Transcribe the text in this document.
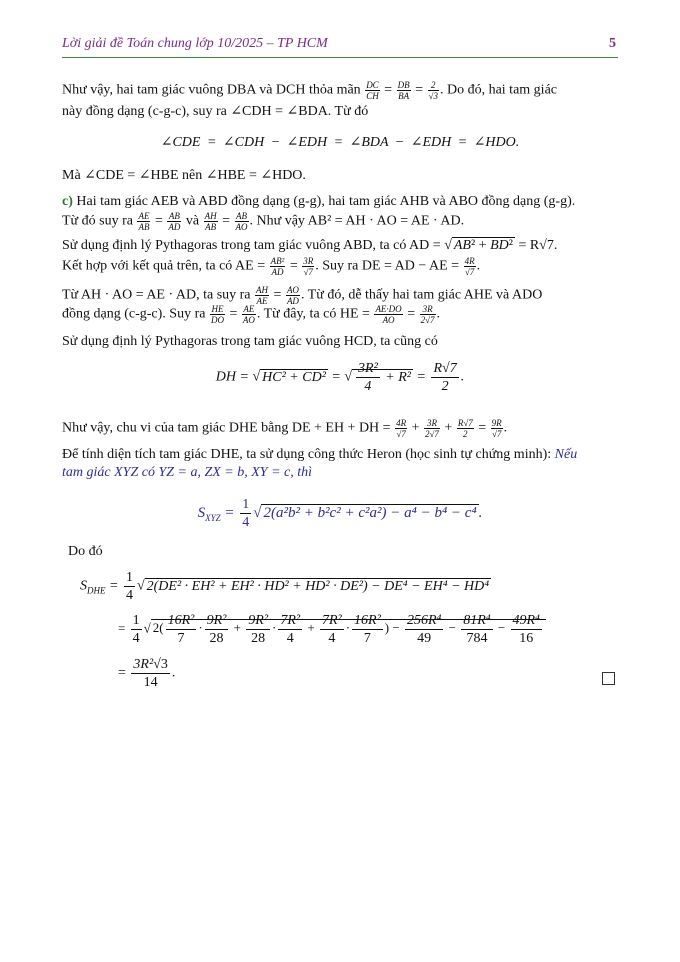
Lời giải đề Toán chung lớp 10/2025 – TP HCM	5
Như vậy, hai tam giác vuông DBA và DCH thỏa mãn $\frac{DC}{CH} = \frac{DB}{BA} = \frac{2}{√3}$ . Do đó, hai tam giác
này đồng dạng (c-g-c), suy ra ∠CDH = ∠BDA. Từ đó
∠CDE = ∠CDH − ∠EDH = ∠BDA − ∠EDH = ∠HDO.
Mà ∠CDE = ∠HBE nên ∠HBE = ∠HDO.
c) Hai tam giác AEB và ABD đồng dạng (g-g), hai tam giác AHB và ABO đồng dạng (g-g).
Từ đó suy ra $\frac{AE}{AB} = \frac{AB}{AD}$ và $\frac{AH}{AB} = \frac{AB}{AO}$ . Như vậy AB² = AH · AO = AE · AD.
Sử dụng định lý Pythagoras trong tam giác vuông ABD, ta có AD = √ AB² + BD² = R√7.
Kết hợp với kết quả trên, ta có AE = $\frac{\text{AB²}}{AD} = \frac{3R}{√7}$ . Suy ra DE = AD − AE = $\frac{4R}{√7}$ .
Từ AH · AO = AE · AD, ta suy ra $\frac{AH}{AE} = \frac{AO}{AD}$ . Từ đó, dễ thấy hai tam giác AHE và ADO
đồng dạng (c-g-c). Suy ra $\frac{HE}{DO} = \frac{AE}{AO}$ . Từ đây, ta có HE = $\frac{AE\cdot DO}{AO} = \frac{3R}{2√7}$ .
Sử dụng định lý Pythagoras trong tam giác vuông HCD, ta cũng có
DH = √ HC² + CD² = √ $\frac{\text{3R²}}{4} + R^2 = \frac{R√7}{2}$ .
Như vậy, chu vi của tam giác DHE bằng DE + EH + DH = $\frac{4R}{√7} + \frac{3R}{2√7} + \frac{R√7}{2} = \frac{9R}{√7}$ .
Để tính diện tích tam giác DHE, ta sử dụng công thức Heron (học sinh tự chứng minh): Nếu
tam giác XYZ có YZ = a, ZX = b, XY = c, thì
$S_{XYZ} = \frac{1}{4}$ √ 2(a²b² + b²c² + c²a²) − a⁴ − b⁴ − c⁴ .
Do đó
$S_{DHE} = \frac{1}{4}$ √ 2(DE² · EH² + EH² · HD² + HD² · DE²) − DE⁴ − EH⁴ − HD⁴
= $\frac{1}{4}$ √ $2( \frac{\text{16R²}}{7} \cdot \frac{\text{9R²}}{28} + \frac{\text{9R²}}{28} \cdot \frac{\text{7R²}}{4} + \frac{\text{7R²}}{4} \cdot \frac{\text{16R²}}{7}$ ) − $\frac{\text{256R⁴}}{49} - \frac{\text{81R⁴}}{784} - \frac{\text{49R⁴}}{16}$
= $\frac{\text{3R²√3}}{14}$ .
